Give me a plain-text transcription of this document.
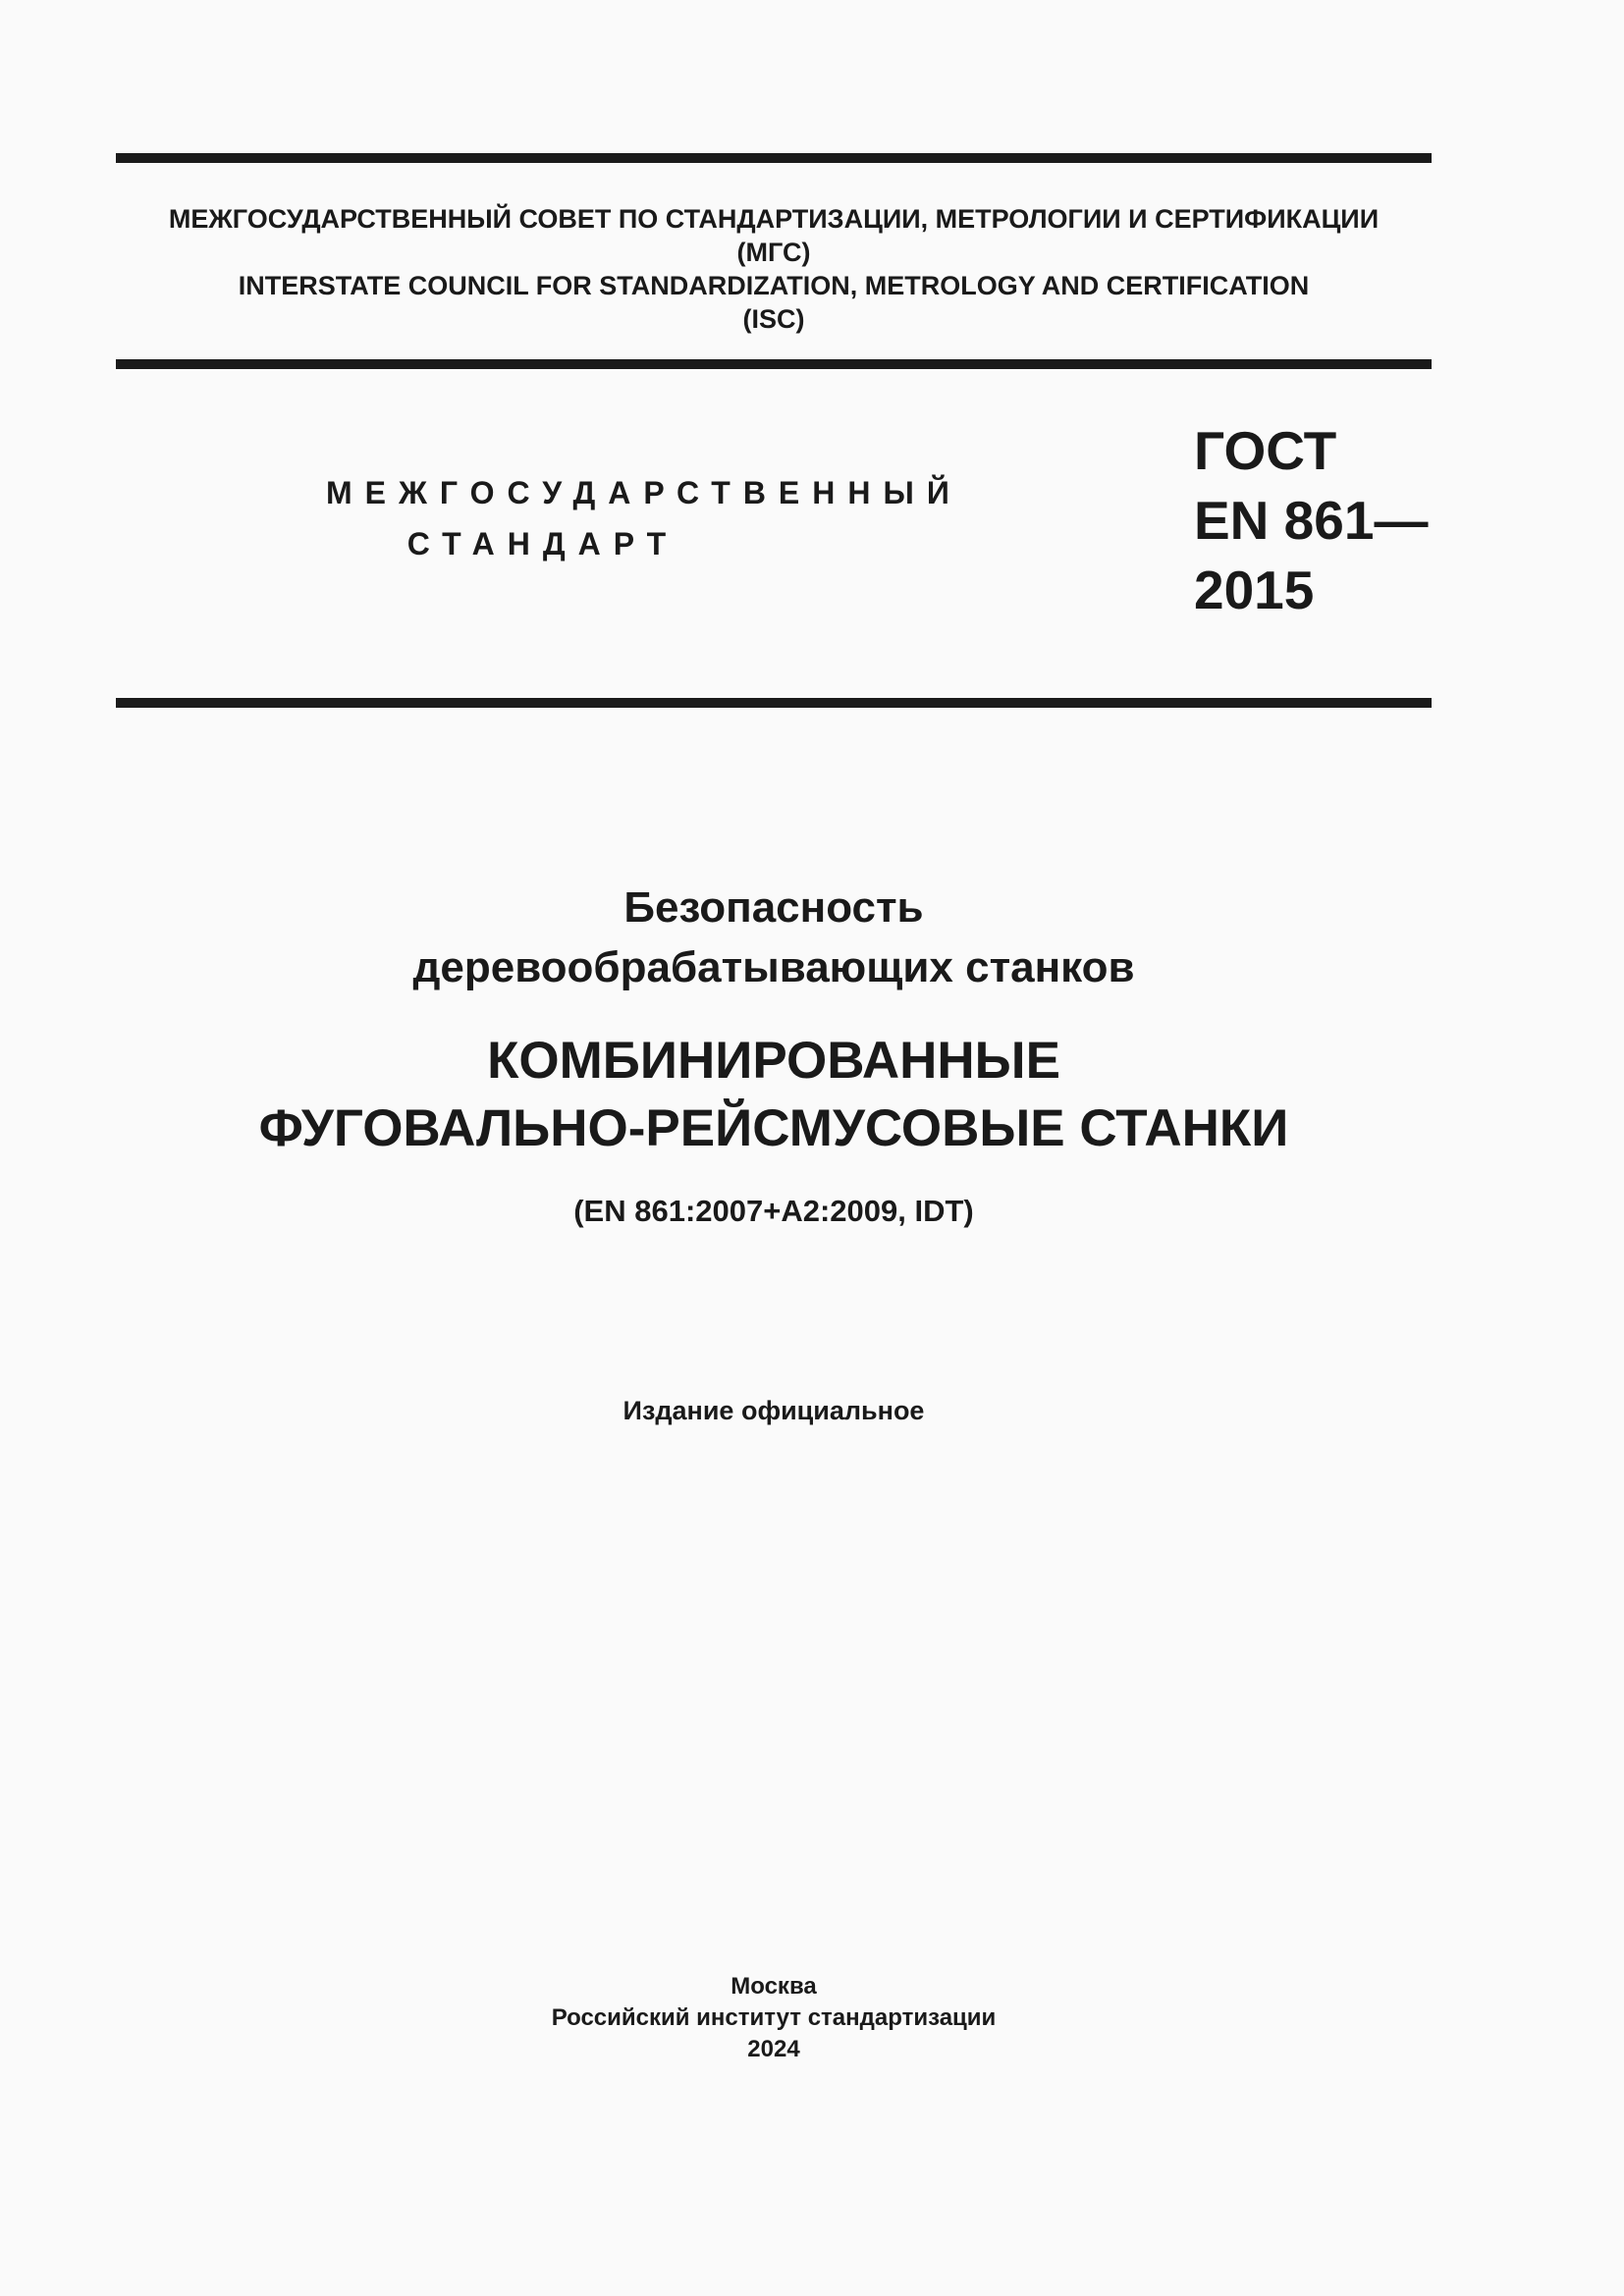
МЕЖГОСУДАРСТВЕННЫЙ СОВЕТ ПО СТАНДАРТИЗАЦИИ, МЕТРОЛОГИИ И СЕРТИФИКАЦИИ
(МГС)
INTERSTATE COUNCIL FOR STANDARDIZATION, METROLOGY AND CERTIFICATION
(ISC)
МЕЖГОСУДАРСТВЕННЫЙ
СТАНДАРТ
ГОСТ
EN 861—
2015
Безопасность
деревообрабатывающих станков
КОМБИНИРОВАННЫЕ
ФУГОВАЛЬНО-РЕЙСМУСОВЫЕ СТАНКИ
(EN 861:2007+A2:2009, IDT)
Издание официальное
Москва
Российский институт стандартизации
2024
